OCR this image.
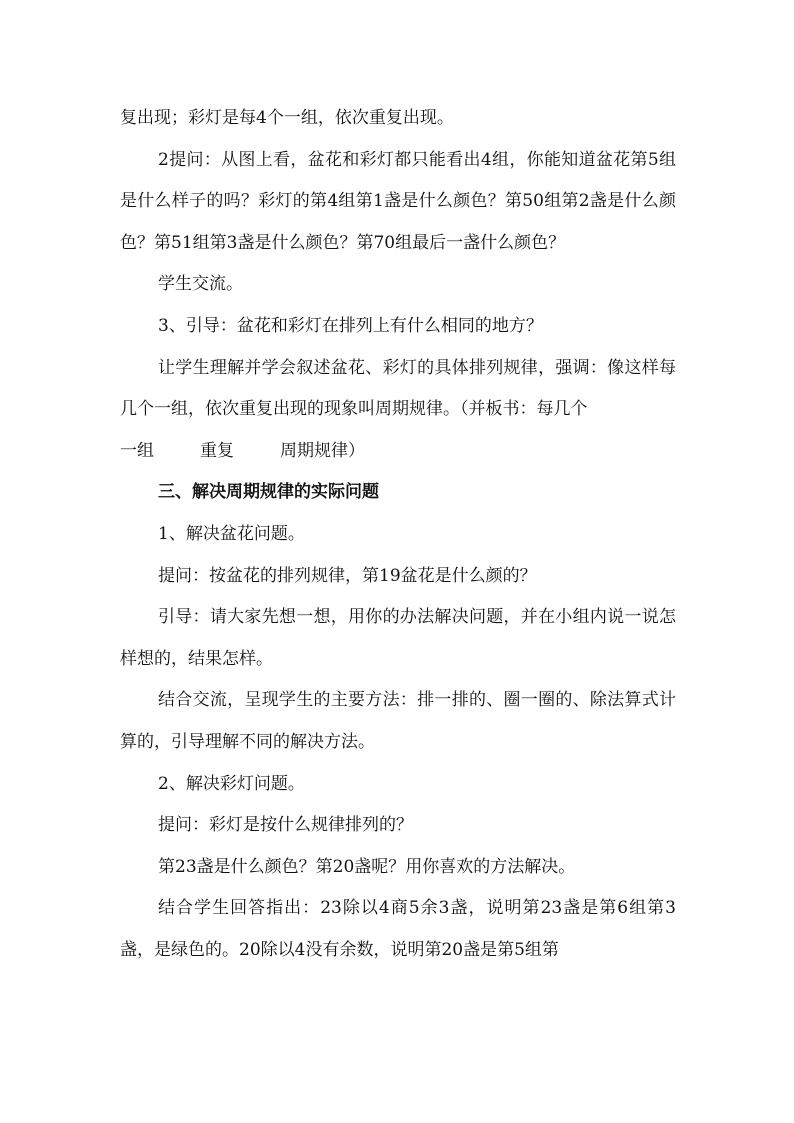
复出现；彩灯是每4个一组，依次重复出现。

2提问：从图上看，盆花和彩灯都只能看出4组，你能知道盆花第5组是什么样子的吗？彩灯的第4组第1盏是什么颜色？第50组第2盏是什么颜色？第51组第3盏是什么颜色？第70组最后一盏什么颜色？

学生交流。

3、引导：盆花和彩灯在排列上有什么相同的地方？

让学生理解并学会叙述盆花、彩灯的具体排列规律，强调：像这样每几个一组，依次重复出现的现象叫周期规律。（并板书：每几个

一组	重复	周期规律）

三、解决周期规律的实际问题

1、解决盆花问题。

提问：按盆花的排列规律，第19盆花是什么颜的？

引导：请大家先想一想，用你的办法解决问题，并在小组内说一说怎样想的，结果怎样。

结合交流，呈现学生的主要方法：排一排的、圈一圈的、除法算式计算的，引导理解不同的解决方法。

2、解决彩灯问题。

提问：彩灯是按什么规律排列的？

第23盏是什么颜色？第20盏呢？用你喜欢的方法解决。

结合学生回答指出：23除以4商5余3盏，说明第23盏是第6组第3盏，是绿色的。20除以4没有余数，说明第20盏是第5组第
